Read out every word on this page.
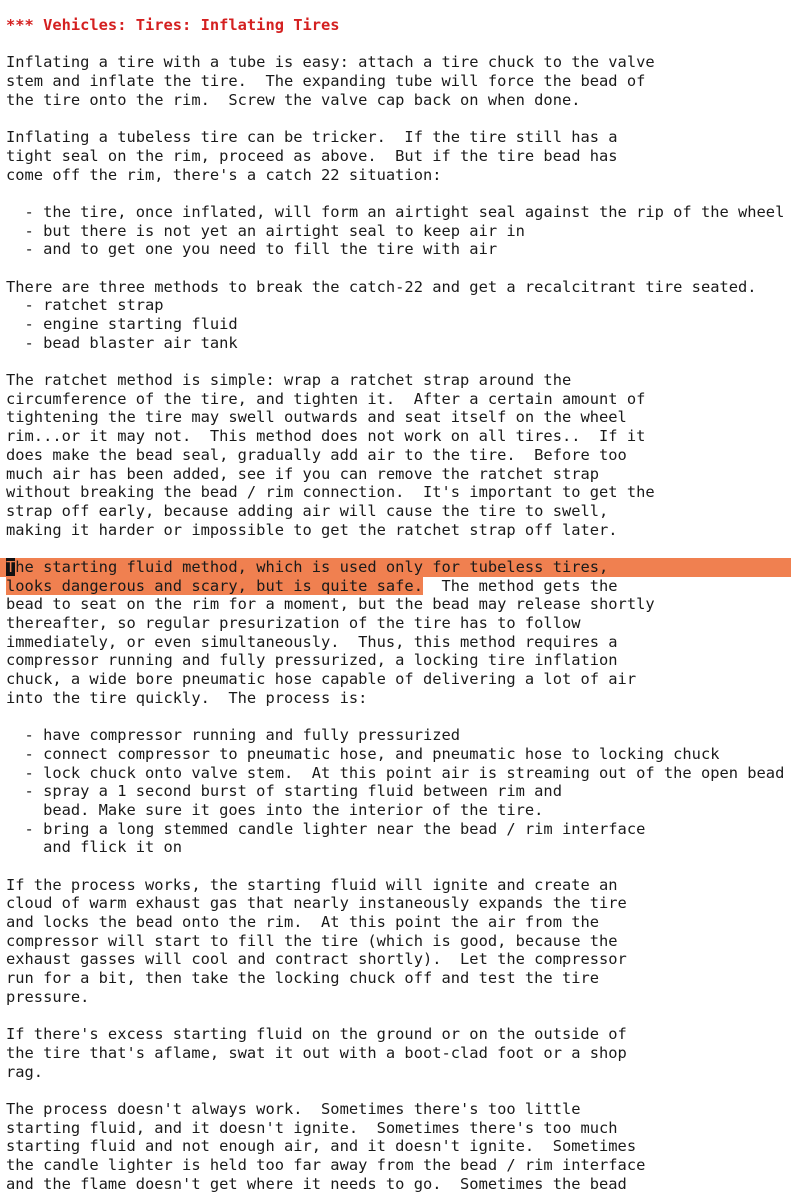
*** Vehicles: Tires: Inflating Tires
Inflating a tire with a tube is easy: attach a tire chuck to the valve
stem and inflate the tire.  The expanding tube will force the bead of
the tire onto the rim.  Screw the valve cap back on when done.
Inflating a tubeless tire can be tricker.  If the tire still has a
tight seal on the rim, proceed as above.  But if the tire bead has
come off the rim, there's a catch 22 situation:
- the tire, once inflated, will form an airtight seal against the rip of the wheel
- but there is not yet an airtight seal to keep air in
- and to get one you need to fill the tire with air
There are three methods to break the catch-22 and get a recalcitrant tire seated.
- ratchet strap
- engine starting fluid
- bead blaster air tank
The ratchet method is simple: wrap a ratchet strap around the
circumference of the tire, and tighten it.  After a certain amount of
tightening the tire may swell outwards and seat itself on the wheel
rim...or it may not.  This method does not work on all tires..  If it
does make the bead seal, gradually add air to the tire.  Before too
much air has been added, see if you can remove the ratchet strap
without breaking the bead / rim connection.  It's important to get the
strap off early, because adding air will cause the tire to swell,
making it harder or impossible to get the ratchet strap off later.
The starting fluid method, which is used only for tubeless tires,
looks dangerous and scary, but is quite safe.  The method gets the
bead to seat on the rim for a moment, but the bead may release shortly
thereafter, so regular presurization of the tire has to follow
immediately, or even simultaneously.  Thus, this method requires a
compressor running and fully pressurized, a locking tire inflation
chuck, a wide bore pneumatic hose capable of delivering a lot of air
into the tire quickly.  The process is:
- have compressor running and fully pressurized
- connect compressor to pneumatic hose, and pneumatic hose to locking chuck
- lock chuck onto valve stem.  At this point air is streaming out of the open bead
- spray a 1 second burst of starting fluid between rim and
bead. Make sure it goes into the interior of the tire.
- bring a long stemmed candle lighter near the bead / rim interface
and flick it on
If the process works, the starting fluid will ignite and create an
cloud of warm exhaust gas that nearly instaneously expands the tire
and locks the bead onto the rim.  At this point the air from the
compressor will start to fill the tire (which is good, because the
exhaust gasses will cool and contract shortly).  Let the compressor
run for a bit, then take the locking chuck off and test the tire
pressure.
If there's excess starting fluid on the ground or on the outside of
the tire that's aflame, swat it out with a boot-clad foot or a shop
rag.
The process doesn't always work.  Sometimes there's too little
starting fluid, and it doesn't ignite.  Sometimes there's too much
starting fluid and not enough air, and it doesn't ignite.  Sometimes
the candle lighter is held too far away from the bead / rim interface
and the flame doesn't get where it needs to go.  Sometimes the bead
